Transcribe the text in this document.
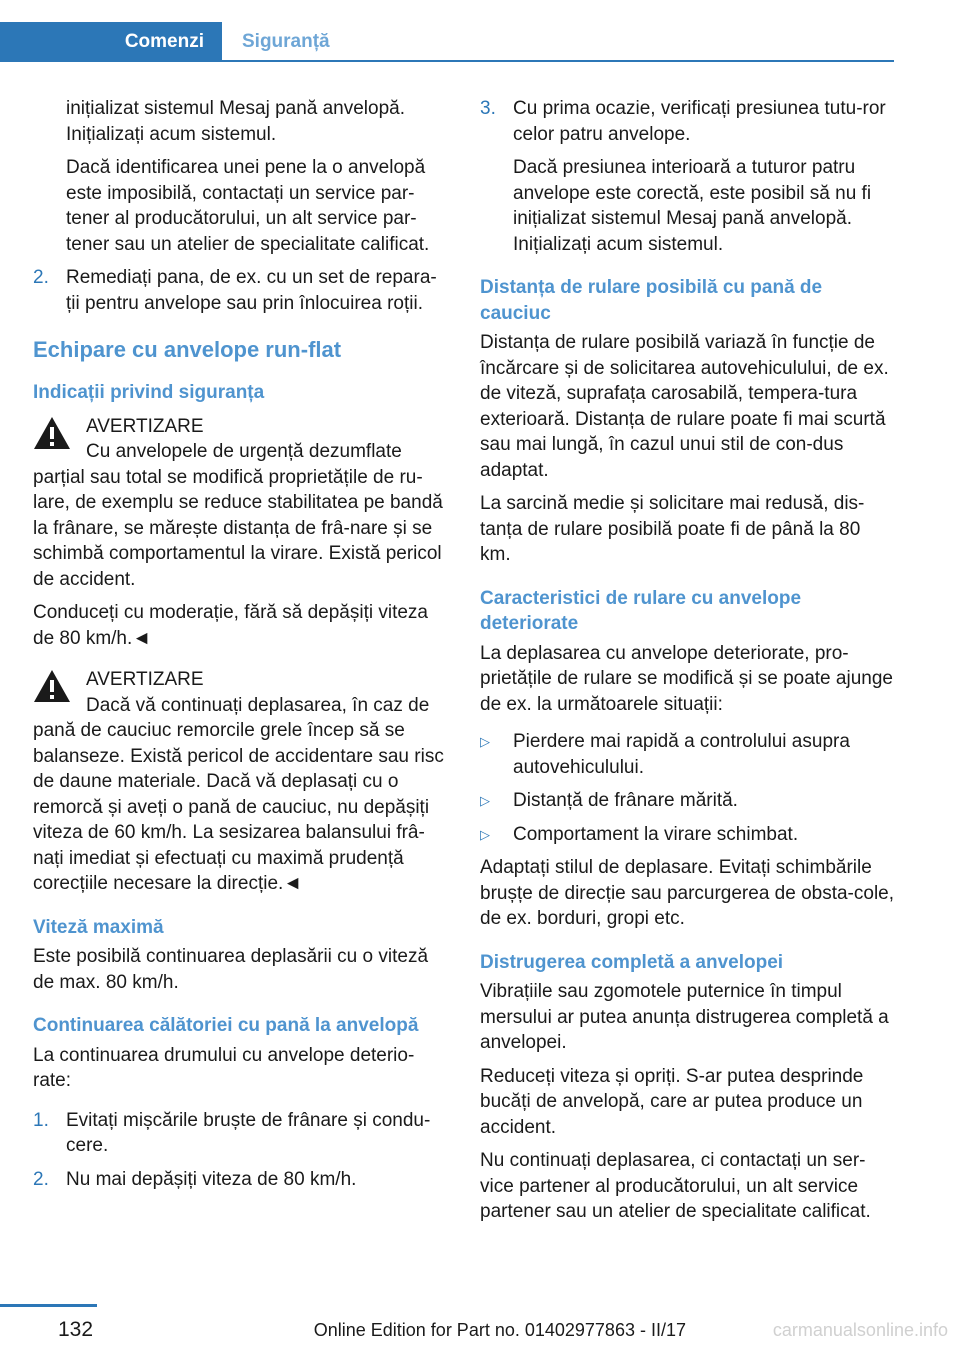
Comenzi	Siguranță

inițializat sistemul Mesaj pană anvelopă. Inițializați acum sistemul.

Dacă identificarea unei pene la o anvelopă este imposibilă, contactați un service par‐tener al producătorului, un alt service par‐tener sau un atelier de specialitate calificat.

2. Remediați pana, de ex. cu un set de repara‐ții pentru anvelope sau prin înlocuirea roții.
Echipare cu anvelope run-flat
Indicații privind siguranța
AVERTIZARE

Cu anvelopele de urgență dezumflate parțial sau total se modifică proprietățile de ru‐lare, de exemplu se reduce stabilitatea pe bandă la frânare, se mărește distanța de frâ‐nare și se schimbă comportamentul la virare. Există pericol de accident.

Conduceți cu moderație, fără să depășiți viteza de 80 km/h.◄

AVERTIZARE

Dacă vă continuați deplasarea, în caz de pană de cauciuc remorcile grele încep să se balanseze. Există pericol de accidentare sau risc de daune materiale. Dacă vă deplasați cu o remorcă și aveți o pană de cauciuc, nu depășiți viteza de 60 km/h. La sesizarea balansului frâ‐nați imediat și efectuați cu maximă prudență corecțiile necesare la direcție.◄

Viteză maximă

Este posibilă continuarea deplasării cu o viteză de max. 80 km/h.

Continuarea călătoriei cu pană la anvelopă

La continuarea drumului cu anvelope deterio‐rate:

1. Evitați mișcările bruște de frânare și condu‐cere.
2. Nu mai depășiți viteza de 80 km/h.
3. Cu prima ocazie, verificați presiunea tutu‐ror celor patru anvelope.

Dacă presiunea interioară a tuturor patru anvelope este corectă, este posibil să nu fi inițializat sistemul Mesaj pană anvelopă. Inițializați acum sistemul.

Distanța de rulare posibilă cu pană de cauciuc

Distanța de rulare posibilă variază în funcție de încărcare și de solicitarea autovehiculului, de ex. de viteză, suprafața carosabilă, tempera‐tura exterioară. Distanța de rulare poate fi mai scurtă sau mai lungă, în cazul unui stil de con‐dus adaptat.

La sarcină medie și solicitare mai redusă, dis‐tanța de rulare posibilă poate fi de până la 80 km.

Caracteristici de rulare cu anvelope deteriorate

La deplasarea cu anvelope deteriorate, pro‐prietățile de rulare se modifică și se poate ajunge de ex. la următoarele situații:

▷	Pierdere mai rapidă a controlului asupra autovehiculului.
▷	Distanță de frânare mărită.
▷	Comportament la virare schimbat.

Adaptați stilul de deplasare. Evitați schimbările brușțe de direcție sau parcurgerea de obsta‐cole, de ex. borduri, gropi etc.

Distrugerea completă a anvelopei

Vibrațiile sau zgomotele puternice în timpul mersului ar putea anunța distrugerea completă a anvelopei.

Reduceți viteza și opriți. S-ar putea desprinde bucăți de anvelopă, care ar putea produce un accident.

Nu continuați deplasarea, ci contactați un ser‐vice partener al producătorului, un alt service partener sau un atelier de specialitate calificat.

132	Online Edition for Part no. 01402977863 - II/17	carmanualsonline.info
